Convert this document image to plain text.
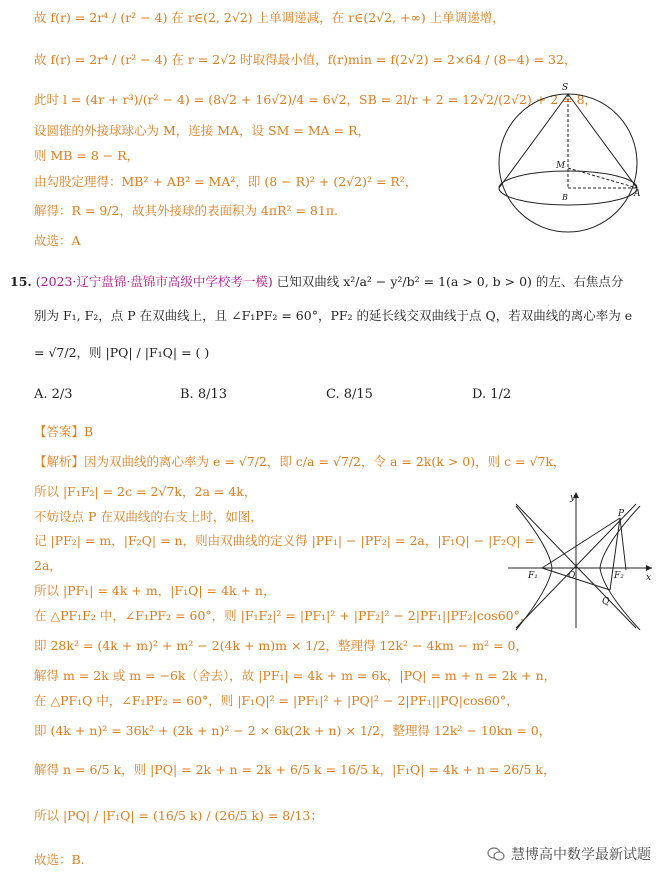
故 f(r) = 2r⁴ / (r² − 4) 在 r∈(2, 2√2) 上单调递减，在 r∈(2√2, +∞) 上单调递增，
故 f(r) = 2r⁴ / (r² − 4) 在 r = 2√2 时取得最小值，f(r)min = f(2√2) = 2×64 / (8−4) = 32，
此时 l = (4r + r³)/(r² − 4) = (8√2 + 16√2)/4 = 6√2，SB = 2l/r + 2 = 12√2/(2√2) + 2 = 8，
设圆锥的外接球球心为 M，连接 MA，设 SM = MA = R，
则 MB = 8 − R，
由勾股定理得：MB² + AB² = MA²，即 (8 − R)² + (2√2)² = R²，
解得：R = 9/2，故其外接球的表面积为 4πR² = 81π.
故选：A
S
M
B	A
15. (2023·辽宁盘锦·盘锦市高级中学校考一模) 已知双曲线 x²/a² − y²/b² = 1(a > 0, b > 0) 的左、右焦点分
别为 F₁, F₂，点 P 在双曲线上，且 ∠F₁PF₂ = 60°，PF₂ 的延长线交双曲线于点 Q，若双曲线的离心率为 e
= √7/2，则 |PQ| / |F₁Q| = ( )
A. 2/3	B. 8/13	C. 8/15	D. 1/2
【答案】B
【解析】因为双曲线的离心率为 e = √7/2，即 c/a = √7/2，令 a = 2k(k > 0)，则 c = √7k，
所以 |F₁F₂| = 2c = 2√7k，2a = 4k，
不妨设点 P 在双曲线的右支上时，如图，
记 |PF₂| = m，|F₂Q| = n，则由双曲线的定义得 |PF₁| − |PF₂| = 2a，|F₁Q| − |F₂Q| =
2a，
所以 |PF₁| = 4k + m，|F₁Q| = 4k + n，
在 △PF₁F₂ 中，∠F₁PF₂ = 60°，则 |F₁F₂|² = |PF₁|² + |PF₂|² − 2|PF₁||PF₂|cos60°，
即 28k² = (4k + m)² + m² − 2(4k + m)m × 1/2，整理得 12k² − 4km − m² = 0，
解得 m = 2k 或 m = −6k（舍去），故 |PF₁| = 4k + m = 6k，|PQ| = m + n = 2k + n，
在 △PF₁Q 中，∠F₁PF₂ = 60°，则 |F₁Q|² = |PF₁|² + |PQ|² − 2|PF₁||PQ|cos60°，
即 (4k + n)² = 36k² + (2k + n)² − 2 × 6k(2k + n) × 1/2，整理得 12k² − 10kn = 0，
解得 n = 6/5 k，则 |PQ| = 2k + n = 2k + 6/5 k = 16/5 k，|F₁Q| = 4k + n = 26/5 k，
所以 |PQ| / |F₁Q| = (16/5 k) / (26/5 k) = 8/13；
故选：B.
y
x
O
F₁	F₂
P
Q
慧博高中数学最新试题
